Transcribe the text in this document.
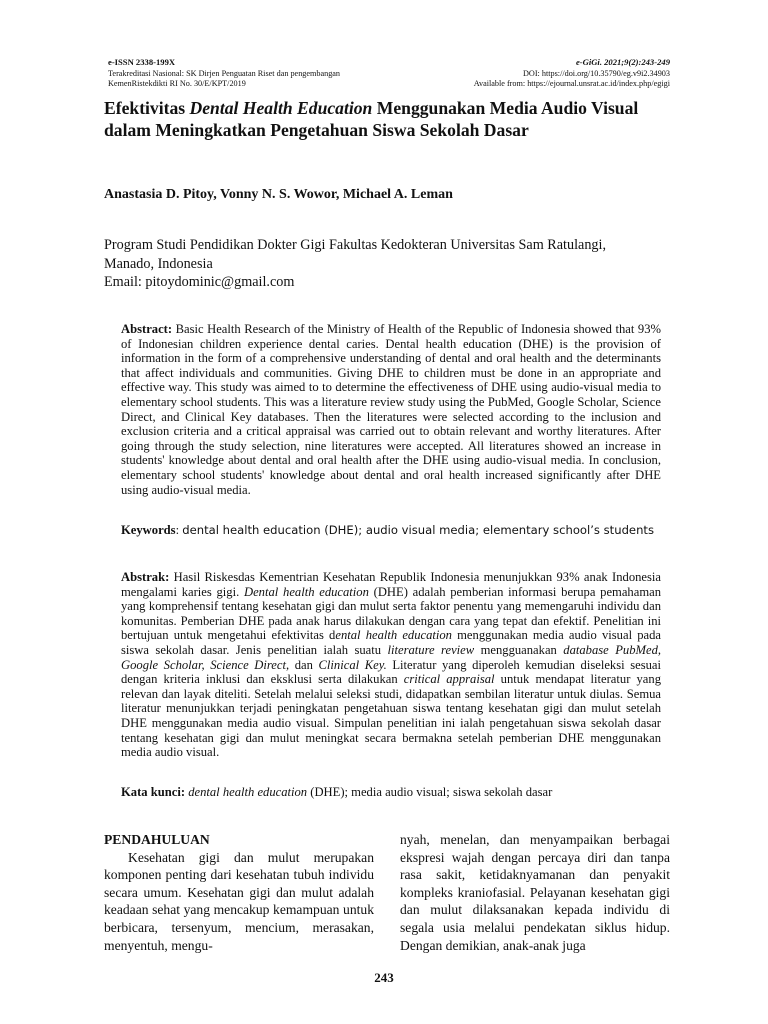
e-ISSN 2338-199X
Terakreditasi Nasional: SK Dirjen Penguatan Riset dan pengembangan
KemenRistekdikti RI No. 30/E/KPT/2019
e-GiGi. 2021;9(2):243-249
DOI: https://doi.org/10.35790/eg.v9i2.34903
Available from: https://ejournal.unsrat.ac.id/index.php/egigi
Efektivitas Dental Health Education Menggunakan Media Audio Visual dalam Meningkatkan Pengetahuan Siswa Sekolah Dasar

Anastasia D. Pitoy, Vonny N. S. Wowor, Michael A. Leman

Program Studi Pendidikan Dokter Gigi Fakultas Kedokteran Universitas Sam Ratulangi,
Manado, Indonesia
Email: pitoydominic@gmail.com

Abstract: Basic Health Research of the Ministry of Health of the Republic of Indonesia showed that 93% of Indonesian children experience dental caries. Dental health education (DHE) is the provision of information in the form of a comprehensive understanding of dental and oral health and the determinants that affect individuals and communities. Giving DHE to children must be done in an appropriate and effective way. This study was aimed to to determine the effectiveness of DHE using audio-visual media to elementary school students. This was a literature review study using the PubMed, Google Scholar, Science Direct, and Clinical Key databases. Then the literatures were selected according to the inclusion and exclusion criteria and a critical appraisal was carried out to obtain relevant and worthy literatures. After going through the study selection, nine literatures were accepted. All literatures showed an increase in students' knowledge about dental and oral health after the DHE using audio-visual media. In conclusion, elementary school students' knowledge about dental and oral health increased significantly after DHE using audio-visual media.

Keywords: dental health education (DHE); audio visual media; elementary school’s students

Abstrak: Hasil Riskesdas Kementrian Kesehatan Republik Indonesia menunjukkan 93% anak Indonesia mengalami karies gigi. Dental health education (DHE) adalah pemberian informasi berupa pemahaman yang komprehensif tentang kesehatan gigi dan mulut serta faktor penentu yang memengaruhi individu dan komunitas. Pemberian DHE pada anak harus dilakukan dengan cara yang tepat dan efektif. Penelitian ini bertujuan untuk mengetahui efektivitas dental health education menggunakan media audio visual pada siswa sekolah dasar. Jenis penelitian ialah suatu literature review mengguanakan database PubMed, Google Scholar, Science Direct, dan Clinical Key. Literatur yang diperoleh kemudian diseleksi sesuai dengan kriteria inklusi dan eksklusi serta dilakukan critical appraisal untuk mendapat literatur yang relevan dan layak diteliti. Setelah melalui seleksi studi, didapatkan sembilan literatur untuk diulas. Semua literatur menunjukkan terjadi peningkatan pengetahuan siswa tentang kesehatan gigi dan mulut setelah DHE menggunakan media audio visual. Simpulan penelitian ini ialah pengetahuan siswa sekolah dasar tentang kesehatan gigi dan mulut meningkat secara bermakna setelah pemberian DHE menggunakan media audio visual.

Kata kunci: dental health education (DHE); media audio visual; siswa sekolah dasar

PENDAHULUAN
Kesehatan gigi dan mulut merupakan komponen penting dari kesehatan tubuh individu secara umum. Kesehatan gigi dan mulut adalah keadaan sehat yang mencakup kemampuan untuk berbicara, tersenyum, mencium, merasakan, menyentuh, mengu-
nyah, menelan, dan menyampaikan berbagai ekspresi wajah dengan percaya diri dan tanpa rasa sakit, ketidaknyamanan dan penyakit kompleks kraniofasial. Pelayanan kesehatan gigi dan mulut dilaksanakan kepada individu di segala usia melalui pendekatan siklus hidup. Dengan demikian, anak-anak juga
243
